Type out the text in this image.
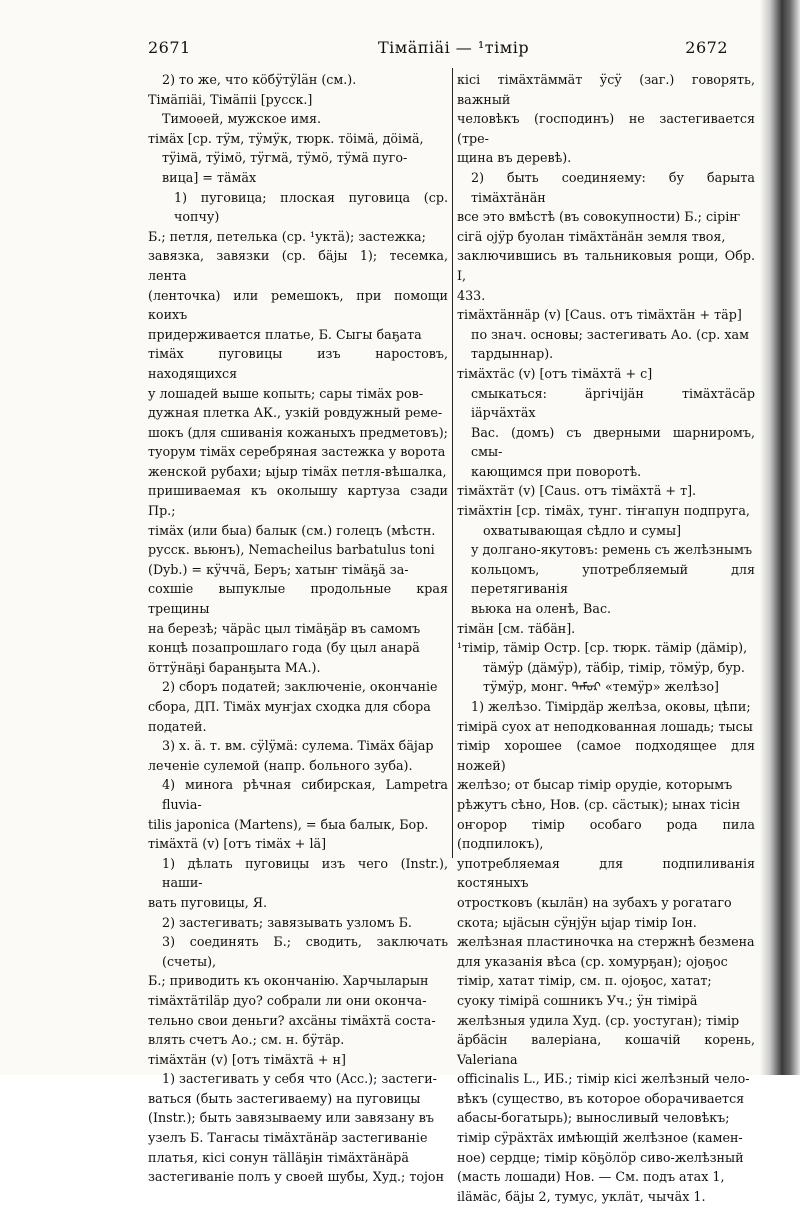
2671	Тімäпіäі — ¹тімір	2672

2) то же, что кöбӱтӱlӓн (см.).

Тімäпіäі, Тімäпіі [русск.]

Тимоѳей, мужское имя.

тімäх [ср. тӱм, тӱмӱк, тюрк. тöiмä, дöiмä,

тӱiмä, тӱiмö, тӱгмä, тӱмö, тӱмä пуго-

вица] = тäмäх

1) пуговица; плоская пуговица (ср. чопчу)

Б.; петля, петелька (ср. ¹уктӓ); застежка;

завязка, завязки (ср. бäjы 1); тесемка, лента

(ленточка) или ремешокъ, при помощи коихъ

придерживается платье, Б. Сыгы баҕата

тімäх пуговицы изъ наростовъ, находящихся

у лошадей выше копыть; сары тімäх ров-

дужная плетка АК., узкій ровдужный реме-

шокъ (для сшиванія кожаныхъ предметовъ);

туорум тімäх серебряная застежка у ворота

женской рубахи; ыjыр тімäх петля-вѣшалка,

пришиваемая къ околышу картуза сзади Пр.;

тімäх (или быа) балык (см.) голецъ (мѣстн.

русск. вьюнъ), Nemacheilus barbatulus toni

(Dyb.) = кӱччä, Беръ; хатыҥ тімäҕä за-

сохшіе выпуклые продольные края трещины

на березѣ; чäрäс цыл тімäҕäр въ самомъ

концѣ позапрошлаго года (бу цыл анарä

öттӱнäҕі баранҕыта МА.).

2) сборъ податей; заключеніе, окончаніе

сбора, ДП. Тімäх муҥjах сходка для сбора

податей.

3) х. ä. т. вм. сӱlӱмä: сулема. Тімäх бäjар

леченіе сулемой (напр. больного зуба).

4) миноrа рѣчная сибирская, Lampetra fluvia-

tilis japonica (Martens), = быа балык, Бор.

тімäхтä (v) [отъ тімäх + lä]

1) дѣлать пуговицы изъ чего (Instr.), наши-

вать пуговицы, Я.

2) застегивать; завязывать узломъ Б.

3) соединять Б.; сводить, заключать (счеты),

Б.; приводить къ окончанію. Харчыларын

тімäхтäтіläр дуо? собрали ли они оконча-

тельно свои деньги? ахсäны тімäхтä соста-

влять счетъ Ао.; см. н. бӱтäр.

тімäхтäн (v) [отъ тімäхтä + н]

1) застегивать у себя что (Acc.); застеги-

ваться (быть застегиваему) на пуговицы

(Instr.); быть завязываему или завязану въ

узелъ Б. Таҥасы тімäхтäнäр застегиваніе

платья, кісі сонун тälläҕін тімäхтäнäрä

застегиваніе полъ у своей шубы, Худ.; тоjон

кісі тімäхтäммäт ӱсӱ (заг.) говорять, важный

человѣкъ (господинъ) не застегивается (тре-

щина въ деревѣ).

2) быть соединяему: бу барыта тімäхтäнäн

все это вмѣстѣ (въ совокупности) Б.; сіріҥ

сігä оjӱр буолан тімäхтäнäн земля твоя,

заключившись въ тальниковыя рощи, Обр. I,

433.

тімäхтäннäр (v) [Caus. отъ тімäхтäн + тäр]

по знач. основы; застегивать Ао. (ср. хам

тардыннар).

тімäхтäс (v) [отъ тімäхтä + с]

смыкаться: äргічіjäн тімäхтäсäр іäрчäхтäх

Вас. (домъ) съ дверными шарниромъ, смы-

кающимся при поворотѣ.

тімäхтäт (v) [Caus. отъ тімäхтä + т].

тімäхтін [ср. тімäх, тунг. тіҥапун подпруга,

охватывающая сѣдло и сумы]

у долгано-якутовъ: ремень съ желѣзнымъ

кольцомъ, употребляемый для перетягиванія

вьюка на оленѣ, Вас.

тімäн [см. тäбäн].

¹тімір, тäмір Остр. [ср. тюрк. тäмір (дäмір),

тäмӱр (дäмӱр), тäбір, тімір, тöмӱр, бур.

тӱмӱр, монг. ᠲᠡᠮᠦᠷ «темӱр» желѣзо]

1) желѣзо. Тімірдäр желѣза, оковы, цѣпи;

тімірä суох ат неподкованная лошадь; тысы

тімір хорошее (самое подходящее для ножей)

желѣзо; от бысар тімір орудіе, которымъ

рѣжутъ сѣно, Нов. (ср. сäстык); ынах тісін

оҥорор тімір особаго рода пила (подпилокъ),

употребляемая для подпиливанія костяныхъ

отростковъ (кылäн) на зубахъ у рогатаго

скота; ыjäсын сӱнjӱн ыjар тімір Іон.

желѣзная пластиночка на стержнѣ безмена

для указанія вѣса (ср. хомурҕан); оjоҕос

тімір, хатат тімір, см. п. оjоҕос, хатат;

суоку тімірä сошникъ Уч.; ӱн тімірä

желѣзныя удила Худ. (ср. уостуган); тімір

äрбäсін валеріана, кошачій корень, Valeriana

officinalis L., ИБ.; тімір кісі желѣзный чело-

вѣкъ (существо, въ которое оборачивается

абасы-богатырь); выносливый человѣкъ;

тімір сӱрäхтäх имѣющій желѣзное (камен-

ное) сердце; тімір кöҕöлӧр сиво-желѣзный

(масть лошади) Нов. — См. подъ атах 1,

іläмäс, бäjы 2, тумус, уклäт, чычäх 1.
